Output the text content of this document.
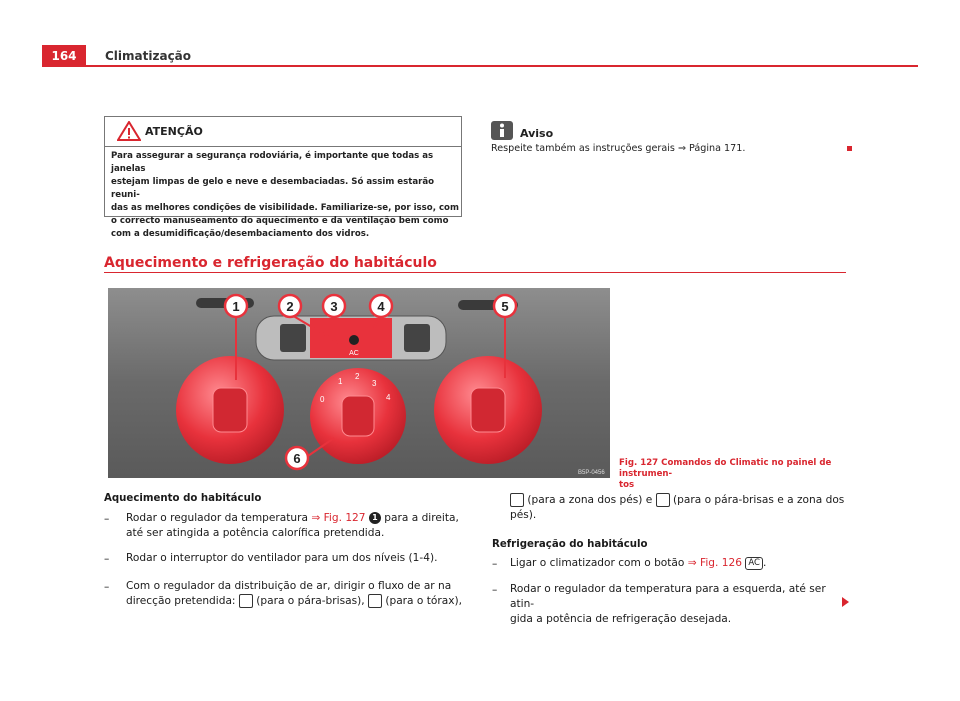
164	Climatização
ATENÇÃO
Para assegurar a segurança rodoviária, é importante que todas as janelas
estejam limpas de gelo e neve e desembaciadas. Só assim estarão reuni-
das as melhores condições de visibilidade. Familiarize-se, por isso, com
o correcto manuseamento do aquecimento e da ventilação bem como
com a desumidificação/desembaciamento dos vidros.
Aviso
Respeite também as instruções gerais ⇒ Página 171.
Aquecimento e refrigeração do habitáculo
AC
0
1
2
3
4
1	2	3	4	5
6
B5P-0456
Fig. 127 Comandos do Climatic no painel de instrumen-
tos
Aquecimento do habitáculo
– Rodar o regulador da temperatura ⇒ Fig. 127 1 para a direita,
até ser atingida a potência calorífica pretendida.
– Rodar o interruptor do ventilador para um dos níveis (1-4).
– Com o regulador da distribuição de ar, dirigir o fluxo de ar na
direcção pretendida:  (para o pára-brisas),  (para o tórax),
(para a zona dos pés) e  (para o pára-brisas e a zona dos
pés).
Refrigeração do habitáculo
– Ligar o climatizador com o botão ⇒ Fig. 126 AC .
– Rodar o regulador da temperatura para a esquerda, até ser atin-
gida a potência de refrigeração desejada.
